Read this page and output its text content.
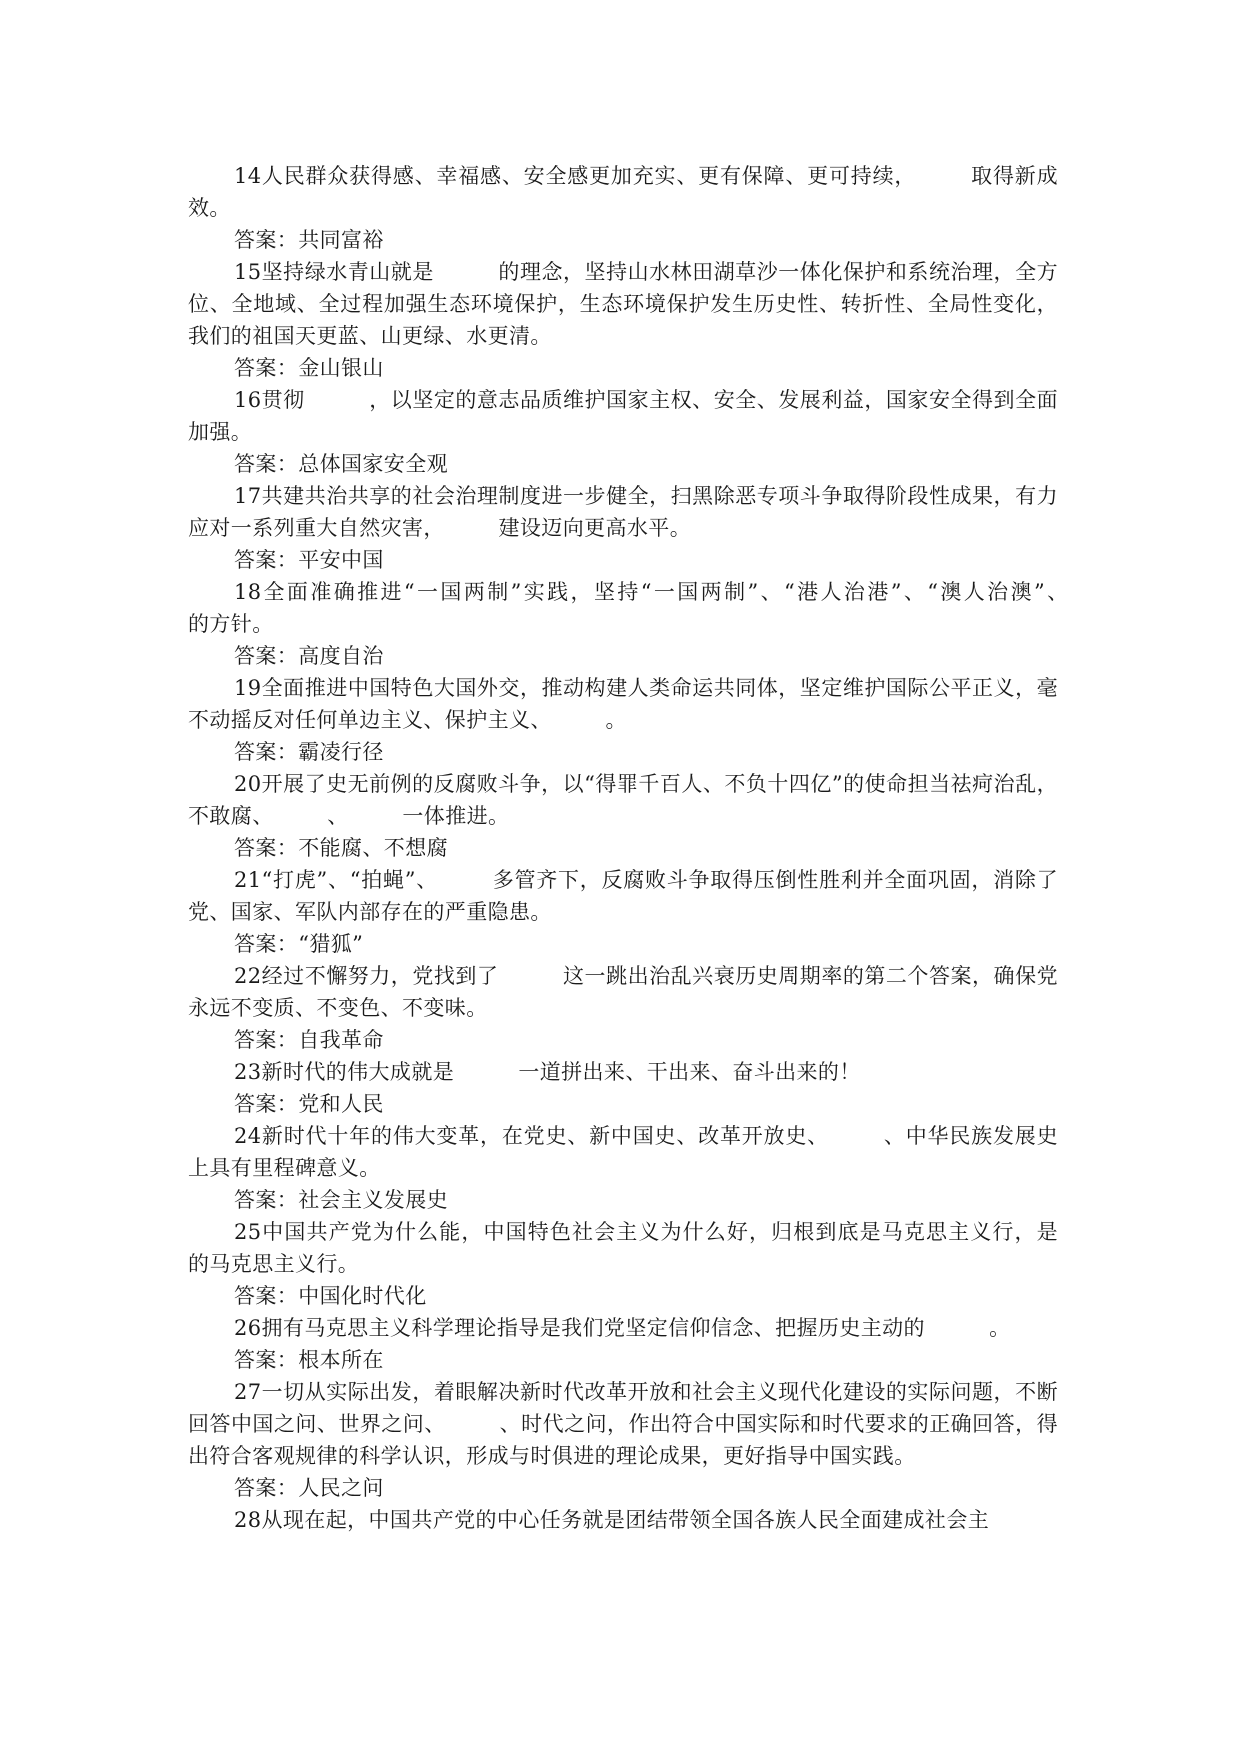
14人民群众获得感、幸福感、安全感更加充实、更有保障、更可持续，　　　取得新成效。

答案：共同富裕

15坚持绿水青山就是　　　的理念，坚持山水林田湖草沙一体化保护和系统治理，全方位、全地域、全过程加强生态环境保护，生态环境保护发生历史性、转折性、全局性变化，我们的祖国天更蓝、山更绿、水更清。

答案：金山银山

16贯彻　　　，以坚定的意志品质维护国家主权、安全、发展利益，国家安全得到全面加强。

答案：总体国家安全观

17共建共治共享的社会治理制度进一步健全，扫黑除恶专项斗争取得阶段性成果，有力应对一系列重大自然灾害，　　　建设迈向更高水平。

答案：平安中国

18全面准确推进“一国两制”实践，坚持“一国两制”、“港人治港”、“澳人治澳”、　　　的方针。

答案：高度自治

19全面推进中国特色大国外交，推动构建人类命运共同体，坚定维护国际公平正义，毫不动摇反对任何单边主义、保护主义、　　　。

答案：霸凌行径

20开展了史无前例的反腐败斗争，以“得罪千百人、不负十四亿”的使命担当祛疴治乱，不敢腐、　　　、　　　一体推进。

答案：不能腐、不想腐

21“打虎”、“拍蝇”、　　　多管齐下，反腐败斗争取得压倒性胜利并全面巩固，消除了党、国家、军队内部存在的严重隐患。

答案：“猎狐”

22经过不懈努力，党找到了　　　这一跳出治乱兴衰历史周期率的第二个答案，确保党永远不变质、不变色、不变味。

答案：自我革命

23新时代的伟大成就是　　　一道拼出来、干出来、奋斗出来的！

答案：党和人民

24新时代十年的伟大变革，在党史、新中国史、改革开放史、　　　、中华民族发展史上具有里程碑意义。

答案：社会主义发展史

25中国共产党为什么能，中国特色社会主义为什么好，归根到底是马克思主义行，是　　　的马克思主义行。

答案：中国化时代化

26拥有马克思主义科学理论指导是我们党坚定信仰信念、把握历史主动的　　　。

答案：根本所在

27一切从实际出发，着眼解决新时代改革开放和社会主义现代化建设的实际问题，不断回答中国之问、世界之问、　　　、时代之问，作出符合中国实际和时代要求的正确回答，得出符合客观规律的科学认识，形成与时俱进的理论成果，更好指导中国实践。

答案：人民之问

28从现在起，中国共产党的中心任务就是团结带领全国各族人民全面建成社会主
